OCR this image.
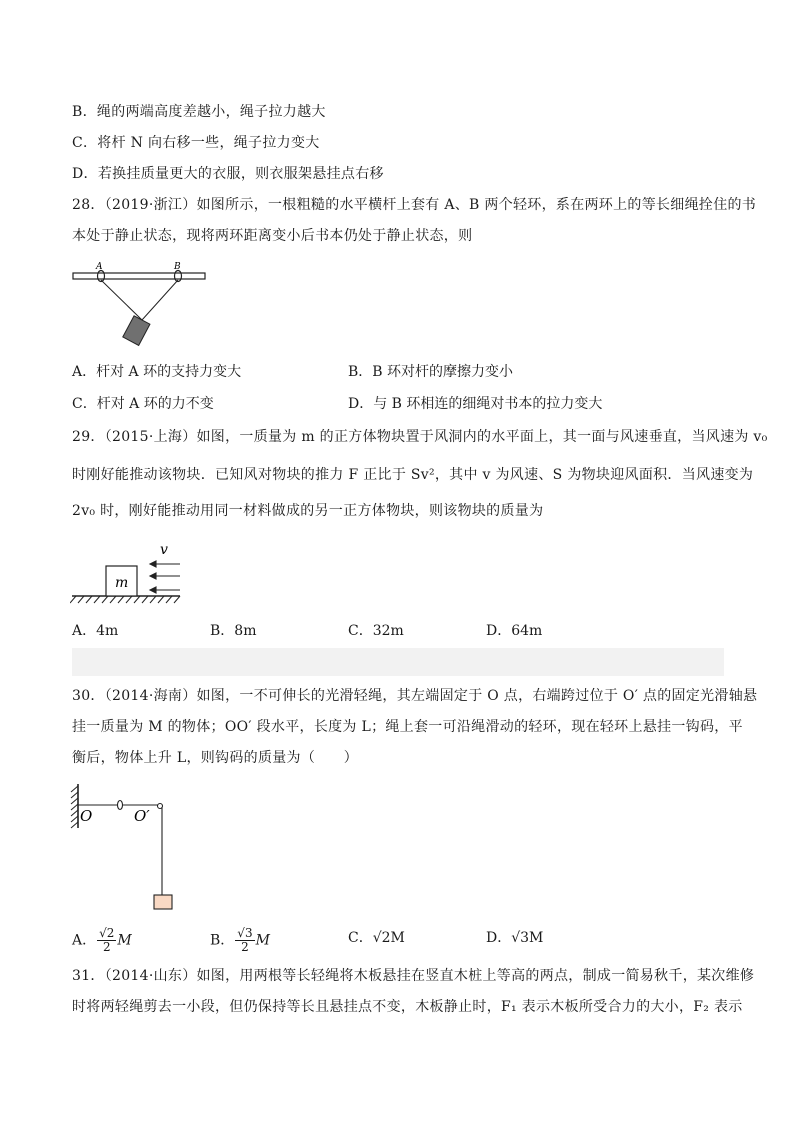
B．绳的两端高度差越小，绳子拉力越大
C．将杆 N 向右移一些，绳子拉力变大
D．若换挂质量更大的衣服，则衣服架悬挂点右移
28．（2019·浙江）如图所示，一根粗糙的水平横杆上套有 A、B 两个轻环，系在两环上的等长细绳拴住的书
本处于静止状态，现将两环距离变小后书本仍处于静止状态，则
A	B
A．杆对 A 环的支持力变大	B．B 环对杆的摩擦力变小
C．杆对 A 环的力不变	D．与 B 环相连的细绳对书本的拉力变大
29．（2015·上海）如图，一质量为 m 的正方体物块置于风洞内的水平面上，其一面与风速垂直，当风速为 v₀
时刚好能推动该物块．已知风对物块的推力 F 正比于 Sv²，其中 v 为风速、S 为物块迎风面积．当风速变为
2v₀ 时，刚好能推动用同一材料做成的另一正方体物块，则该物块的质量为
m
v
A．4m	B．8m	C．32m	D．64m
30．（2014·海南）如图，一不可伸长的光滑轻绳，其左端固定于 O 点，右端跨过位于 O′ 点的固定光滑轴悬
挂一质量为 M 的物体；OO′ 段水平，长度为 L；绳上套一可沿绳滑动的轻环，现在轻环上悬挂一钩码，平
衡后，物体上升 L，则钩码的质量为（　　）
O	O′
A． $\frac{√2}{2}$ M	B． $\frac{√3}{2}$ M	C．√2M	D．√3M
31．（2014·山东）如图，用两根等长轻绳将木板悬挂在竖直木桩上等高的两点，制成一简易秋千，某次维修
时将两轻绳剪去一小段，但仍保持等长且悬挂点不变，木板静止时，F₁ 表示木板所受合力的大小，F₂ 表示
